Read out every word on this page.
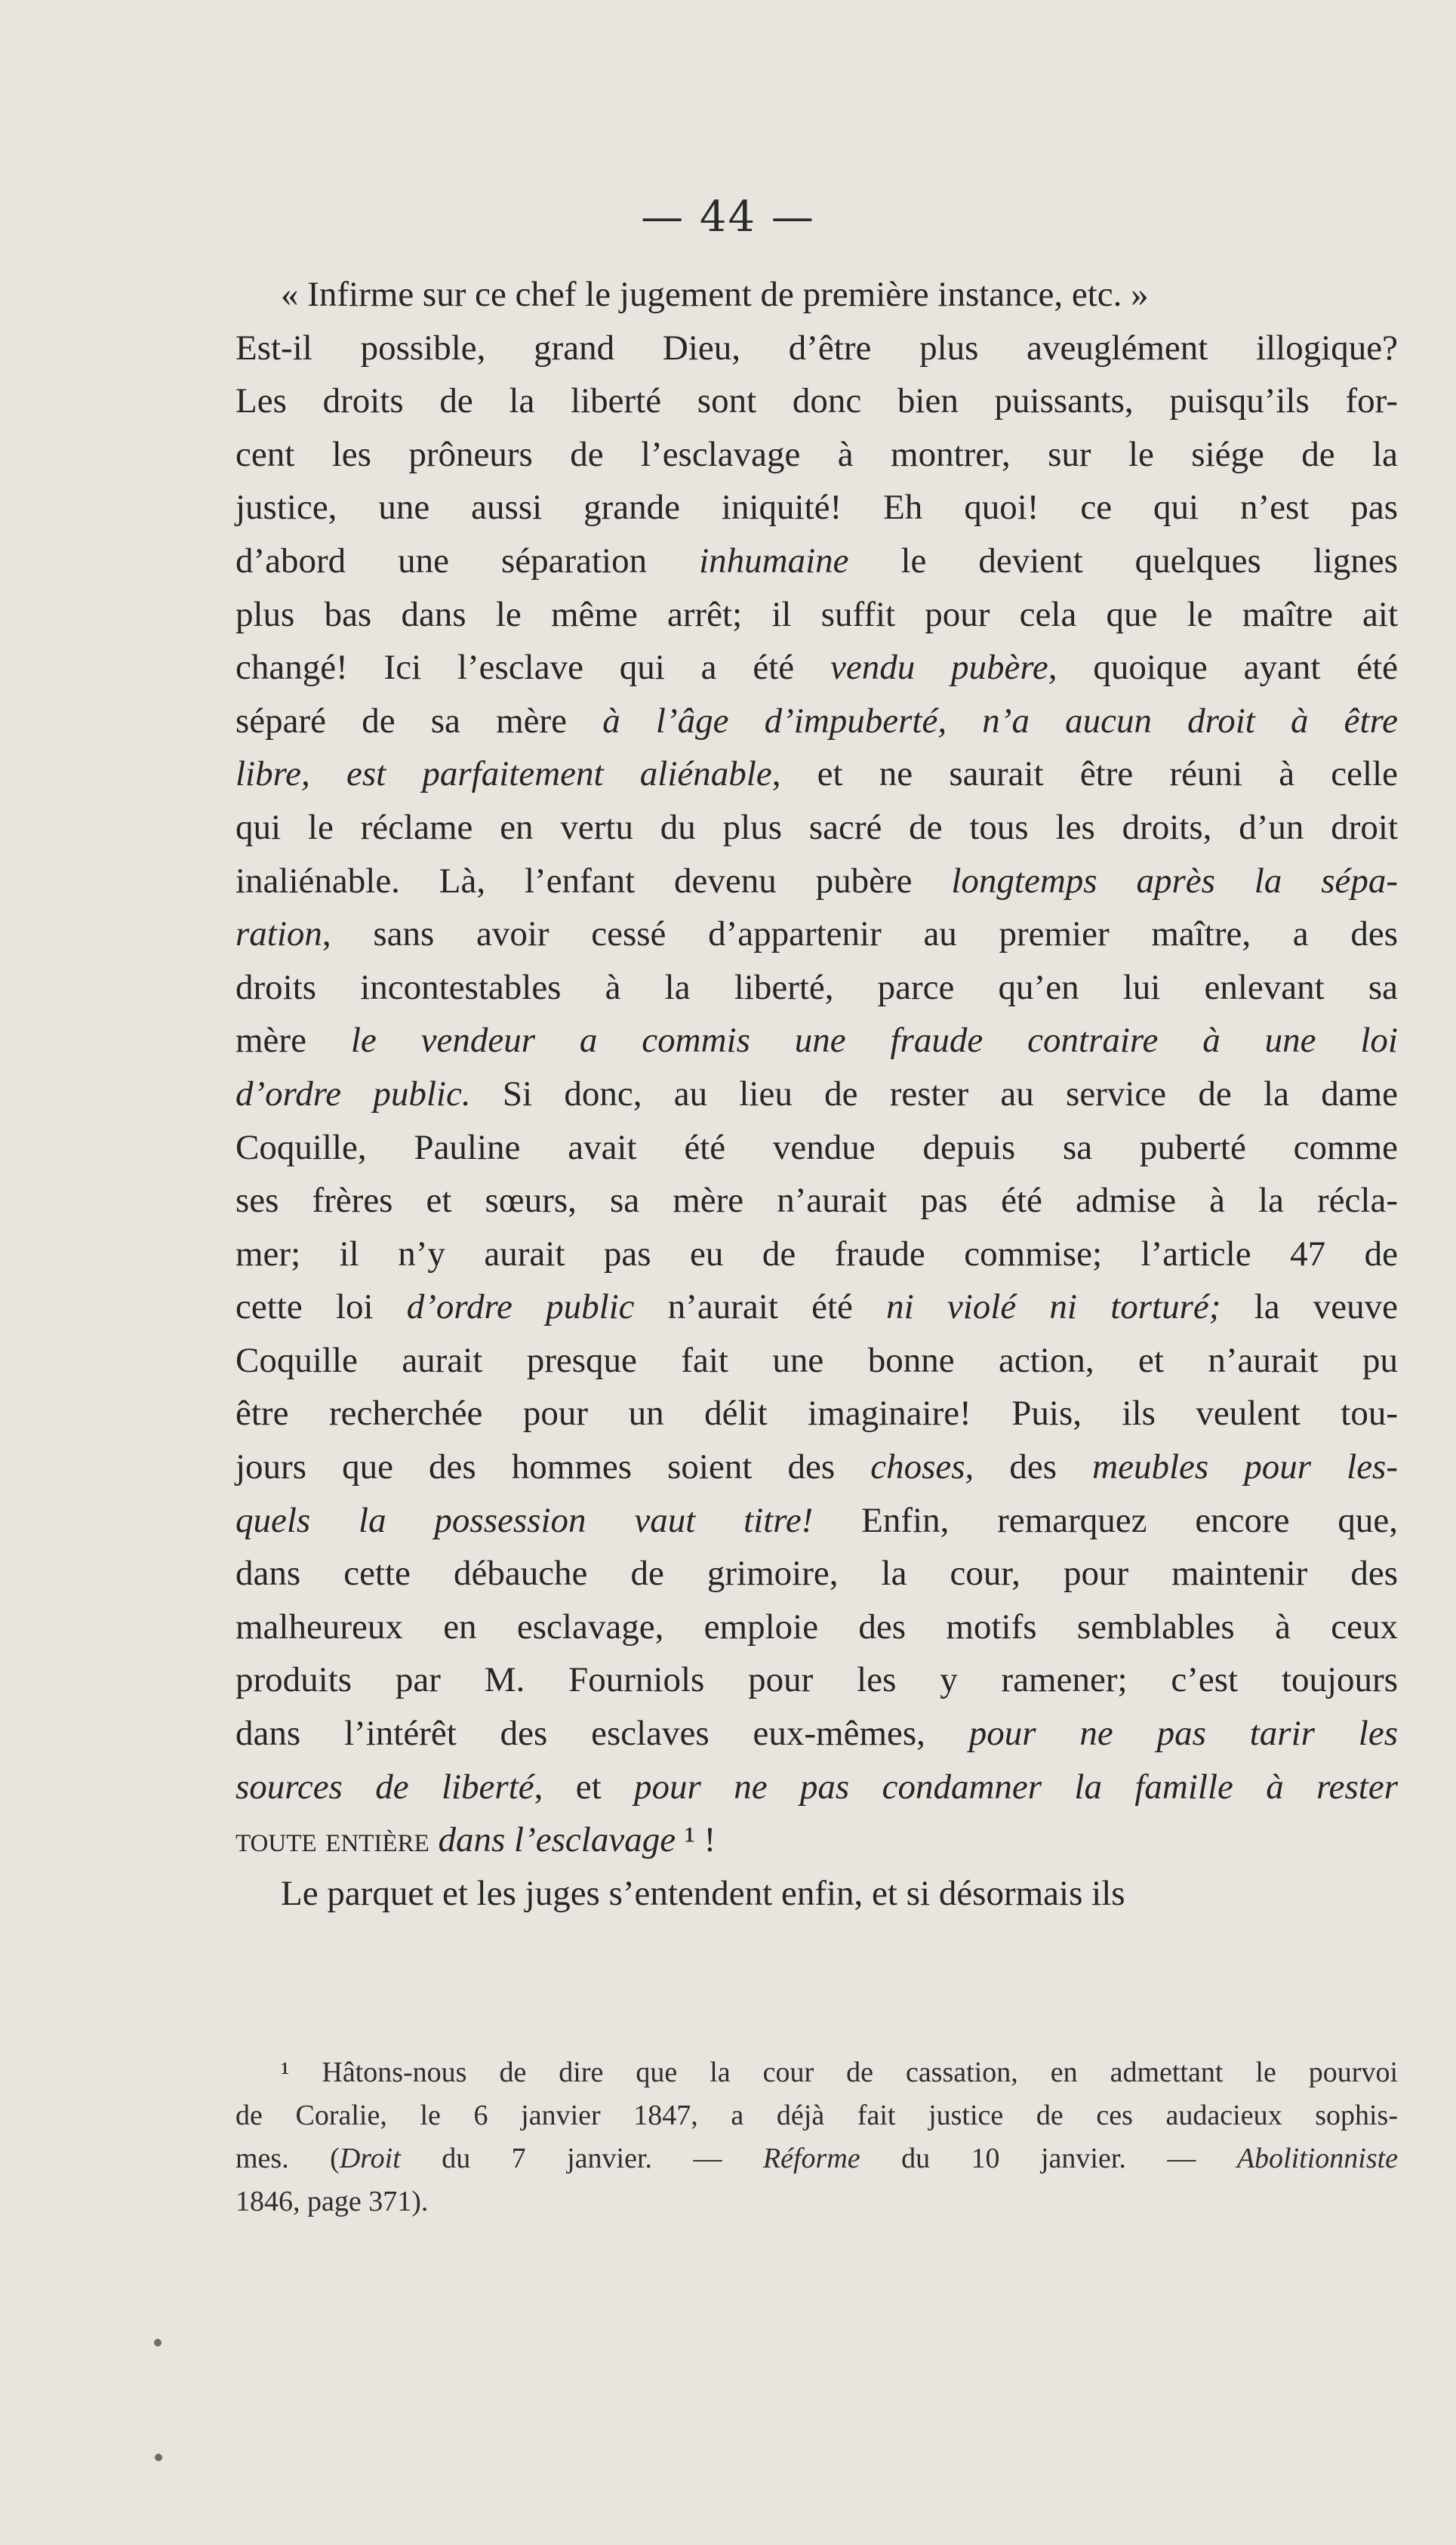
— 44 —
« Infirme sur ce chef le jugement de première instance, etc. »
Est-il possible, grand Dieu, d’être plus aveuglément illogique?
Les droits de la liberté sont donc bien puissants, puisqu’ils for-
cent les prôneurs de l’esclavage à montrer, sur le siége de la
justice, une aussi grande iniquité! Eh quoi! ce qui n’est pas
d’abord une séparation inhumaine le devient quelques lignes
plus bas dans le même arrêt; il suffit pour cela que le maître ait
changé! Ici l’esclave qui a été vendu pubère, quoique ayant été
séparé de sa mère à l’âge d’impuberté, n’a aucun droit à être
libre, est parfaitement aliénable, et ne saurait être réuni à celle
qui le réclame en vertu du plus sacré de tous les droits, d’un droit
inaliénable. Là, l’enfant devenu pubère longtemps après la sépa-
ration, sans avoir cessé d’appartenir au premier maître, a des
droits incontestables à la liberté, parce qu’en lui enlevant sa
mère le vendeur a commis une fraude contraire à une loi
d’ordre public. Si donc, au lieu de rester au service de la dame
Coquille, Pauline avait été vendue depuis sa puberté comme
ses frères et sœurs, sa mère n’aurait pas été admise à la récla-
mer; il n’y aurait pas eu de fraude commise; l’article 47 de
cette loi d’ordre public n’aurait été ni violé ni torturé; la veuve
Coquille aurait presque fait une bonne action, et n’aurait pu
être recherchée pour un délit imaginaire! Puis, ils veulent tou-
jours que des hommes soient des choses, des meubles pour les-
quels la possession vaut titre! Enfin, remarquez encore que,
dans cette débauche de grimoire, la cour, pour maintenir des
malheureux en esclavage, emploie des motifs semblables à ceux
produits par M. Fourniols pour les y ramener; c’est toujours
dans l’intérêt des esclaves eux-mêmes, pour ne pas tarir les
sources de liberté, et pour ne pas condamner la famille à rester
toute entière dans l’esclavage ¹ !
Le parquet et les juges s’entendent enfin, et si désormais ils
¹ Hâtons-nous de dire que la cour de cassation, en admettant le pourvoi
de Coralie, le 6 janvier 1847, a déjà fait justice de ces audacieux sophis-
mes. (Droit du 7 janvier. — Réforme du 10 janvier. — Abolitionniste
1846, page 371).
